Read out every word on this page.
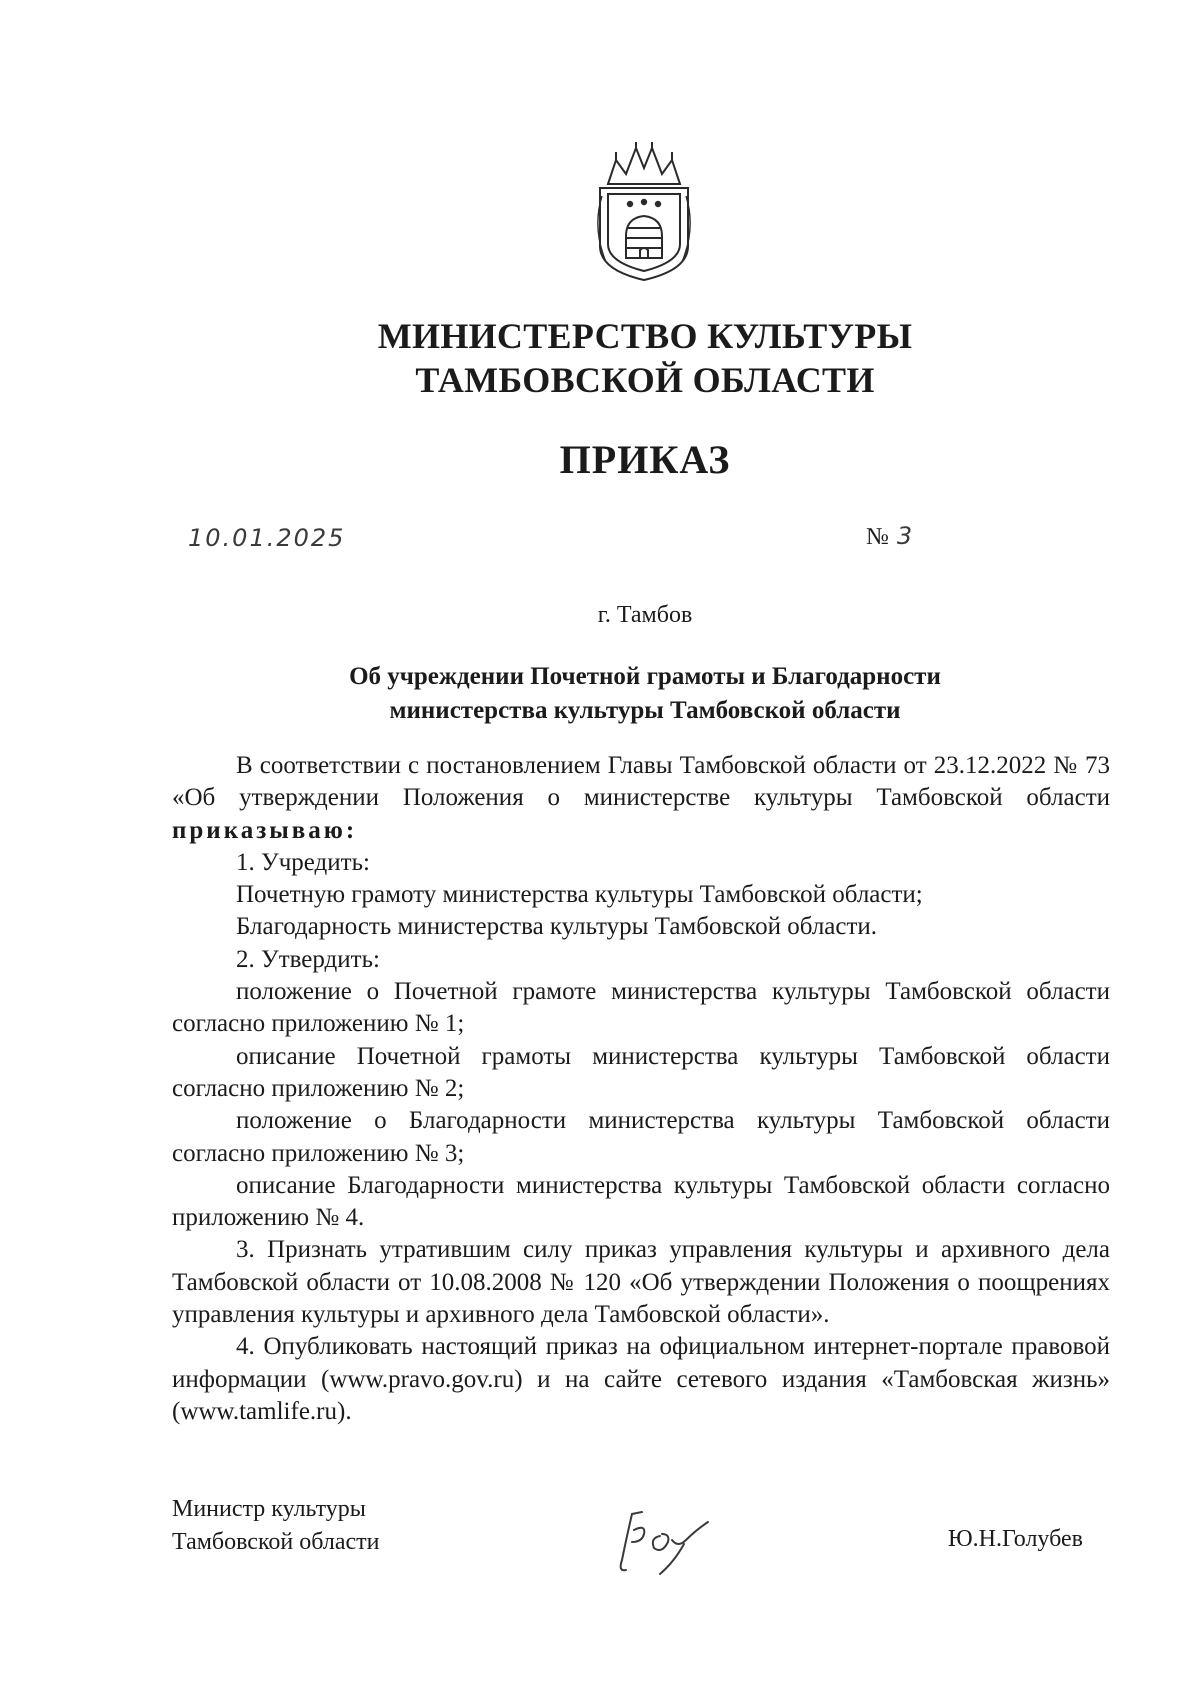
МИНИСТЕРСТВО КУЛЬТУРЫ
ТАМБОВСКОЙ ОБЛАСТИ
ПРИКАЗ
10.01.2025	№ 3
г. Тамбов
Об учреждении Почетной грамоты и Благодарности
министерства культуры Тамбовской области

В соответствии с постановлением Главы Тамбовской области от 23.12.2022 № 73 «Об утверждении Положения о министерстве культуры Тамбовской области приказываю:

1. Учредить:

Почетную грамоту министерства культуры Тамбовской области;

Благодарность министерства культуры Тамбовской области.

2. Утвердить:

положение о Почетной грамоте министерства культуры Тамбовской области согласно приложению № 1;

описание Почетной грамоты министерства культуры Тамбовской области согласно приложению № 2;

положение о Благодарности министерства культуры Тамбовской области согласно приложению № 3;

описание Благодарности министерства культуры Тамбовской области согласно приложению № 4.

3. Признать утратившим силу приказ управления культуры и архивного дела Тамбовской области от 10.08.2008 № 120 «Об утверждении Положения о поощрениях управления культуры и архивного дела Тамбовской области».

4. Опубликовать настоящий приказ на официальном интернет-портале правовой информации (www.pravo.gov.ru) и на сайте сетевого издания «Тамбовская жизнь» (www.tamlife.ru).

Министр культуры
Тамбовской области	Ю.Н.Голубев
